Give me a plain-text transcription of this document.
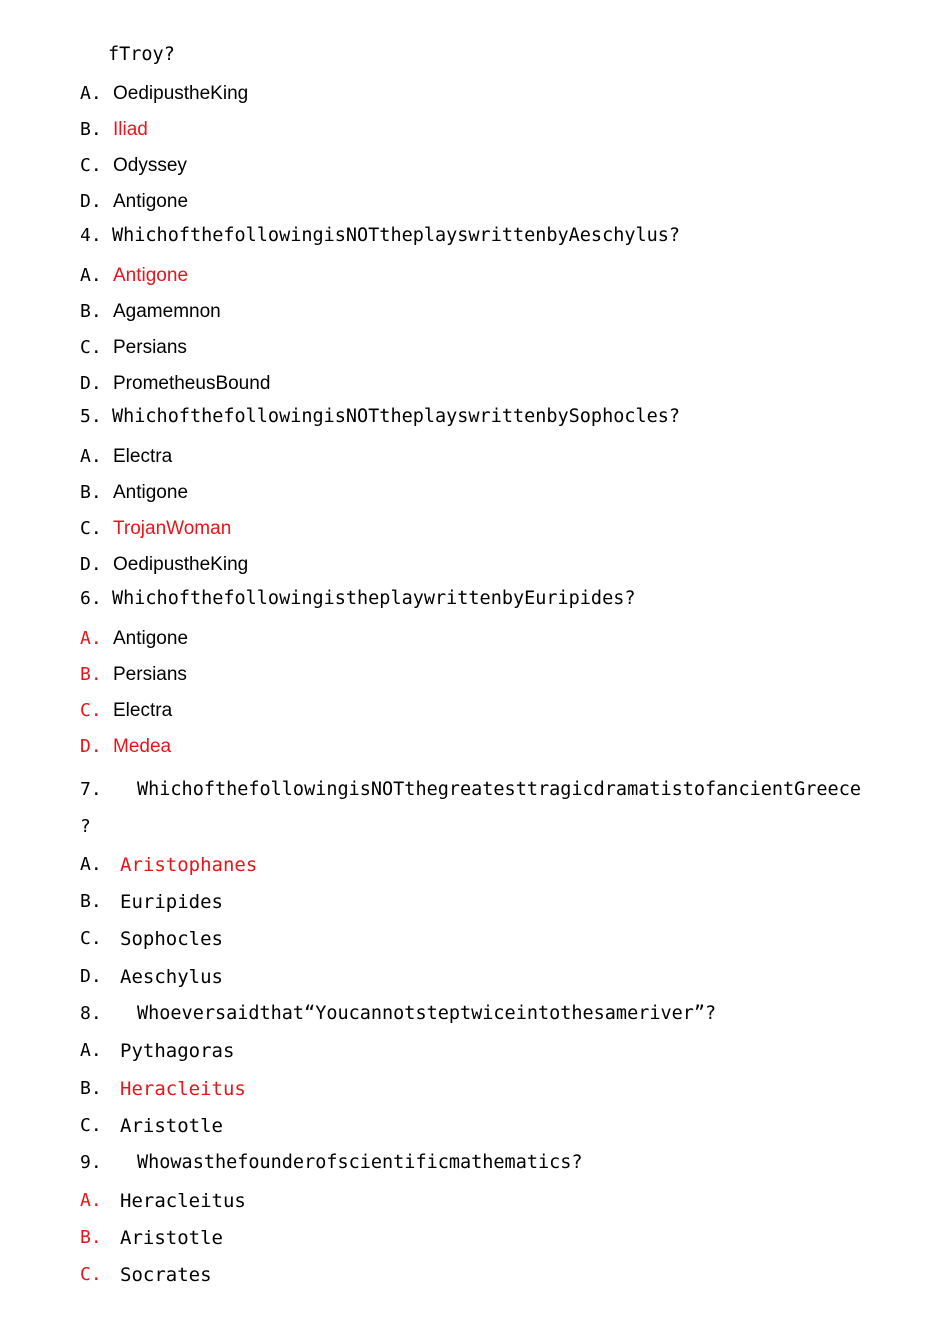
fTroy?
A. OedipustheKing
B. Iliad
C. Odyssey
D. Antigone
4. WhichofthefollowingisNOTtheplayswrittenbyAeschylus?
A. Antigone
B. Agamemnon
C. Persians
D. PrometheusBound
5. WhichofthefollowingisNOTtheplayswrittenbySophocles?
A. Electra
B. Antigone
C. TrojanWoman
D. OedipustheKing
6. WhichofthefollowingistheplaywrittenbyEuripides?
A. Antigone
B. Persians
C. Electra
D. Medea
7. WhichofthefollowingisNOTthegreatesttragicdramatistofancientGreece
?
A. Aristophanes
B. Euripides
C. Sophocles
D. Aeschylus
8. Whoeversaidthat“Youcannotsteptwiceintothesameriver”?
A. Pythagoras
B. Heracleitus
C. Aristotle
9. Whowasthefounderofscientificmathematics?
A. Heracleitus
B. Aristotle
C. Socrates
